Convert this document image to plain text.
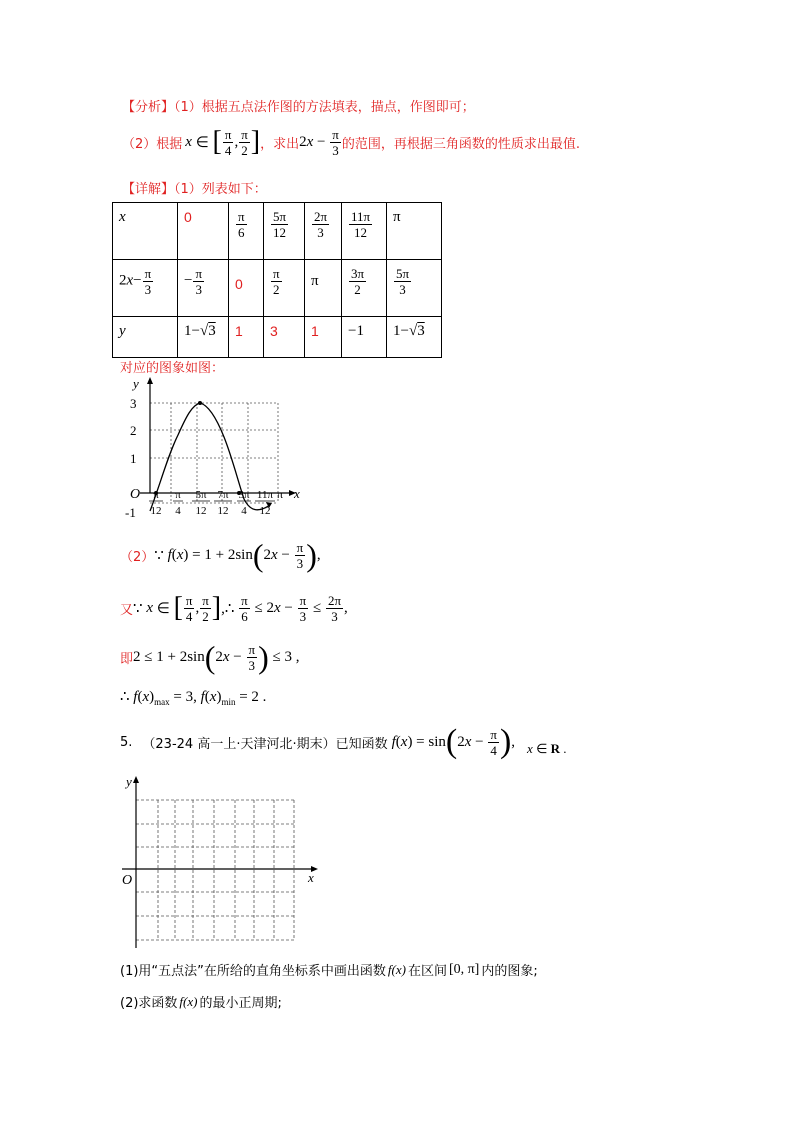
【分析】（1）根据五点法作图的方法填表，描点，作图即可；
（2）根据 x ∈ [ $\frac{\pi}{4}$ , $\frac{\pi}{2}$ ] ，求出 2 $x - \frac{\pi}{3}$ 的范围，再根据三角函数的性质求出最值.
【详解】（1）列表如下：
x	0	$\frac{\pi}{6}$	$\frac{5\pi}{12}$	$\frac{2\pi}{3}$	$\frac{11\pi}{12}$	π
$2x- \frac{\pi}{3}$	− $\frac{\pi}{3}$	0	$\frac{\pi}{2}$	π	$\frac{3\pi}{2}$	$\frac{5\pi}{3}$

y	1−√3	1	3	1	−1	1−√3
对应的图象如图：
y
x
O
3
2
1
-1
π
π
12
π
4
5π
12
7π
12
3π
4
11π
12
（2） ∵ f ( x ) = 1 + 2sin ( 2 $x - \frac{\pi}{3}$ ) ,
又 ∵ x ∈ [ $\frac{\pi}{4}$ , $\frac{\pi}{2}$ ] ,∴ $\frac{\pi}{6} \le 2$ $x - \frac{\pi}{3} \le \frac{2\pi}{3}$ ,
即 2 ≤ 1 + 2sin ( 2 $x - \frac{\pi}{3}$ ) ≤ 3 ,
∴ $f(x)_{max} = 3$, $f(x)_{min} = 2$ .
5. （23-24 高一上·天津河北·期末）已知函数 f ( x ) = sin ( 2 $x - \frac{\pi}{4}$ ) , x ∈ R .
y
x
O
(1)用“五点法”在所给的直角坐标系中画出函数 f(x) 在区间 [0, π] 内的图象;
(2)求函数 f(x) 的最小正周期;
